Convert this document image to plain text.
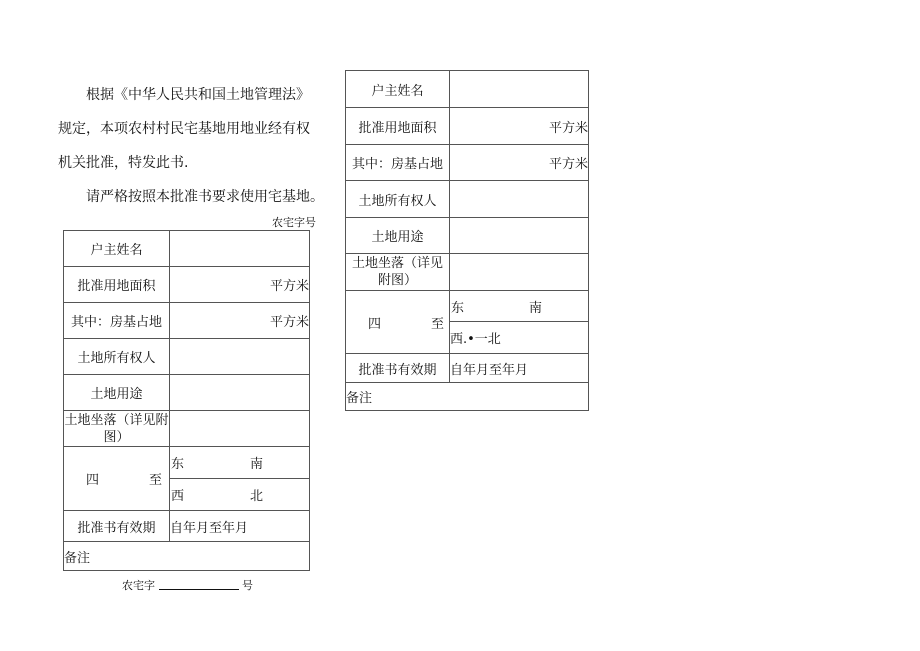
根据《中华人民共和国土地管理法》

规定，本项农村村民宅基地用地业经有权

机关批准，特发此书.

请严格按照本批准书要求使用宅基地。

农宅字号
户主姓名	
批准用地面积	平方米
其中：房基占地	平方米
土地所有权人	
土地用途	
土地坐落（详见附图）	

四 至	东 南

	西 北

批准书有效期	自年月至年月
备注	
农宅字	号
户主姓名	
批准用地面积	平方米
其中：房基占地	平方米
土地所有权人	
土地用途	
土地坐落（详见附图）	

四 至	东 南

	西.•一北
批准书有效期	自年月至年月
备注	
